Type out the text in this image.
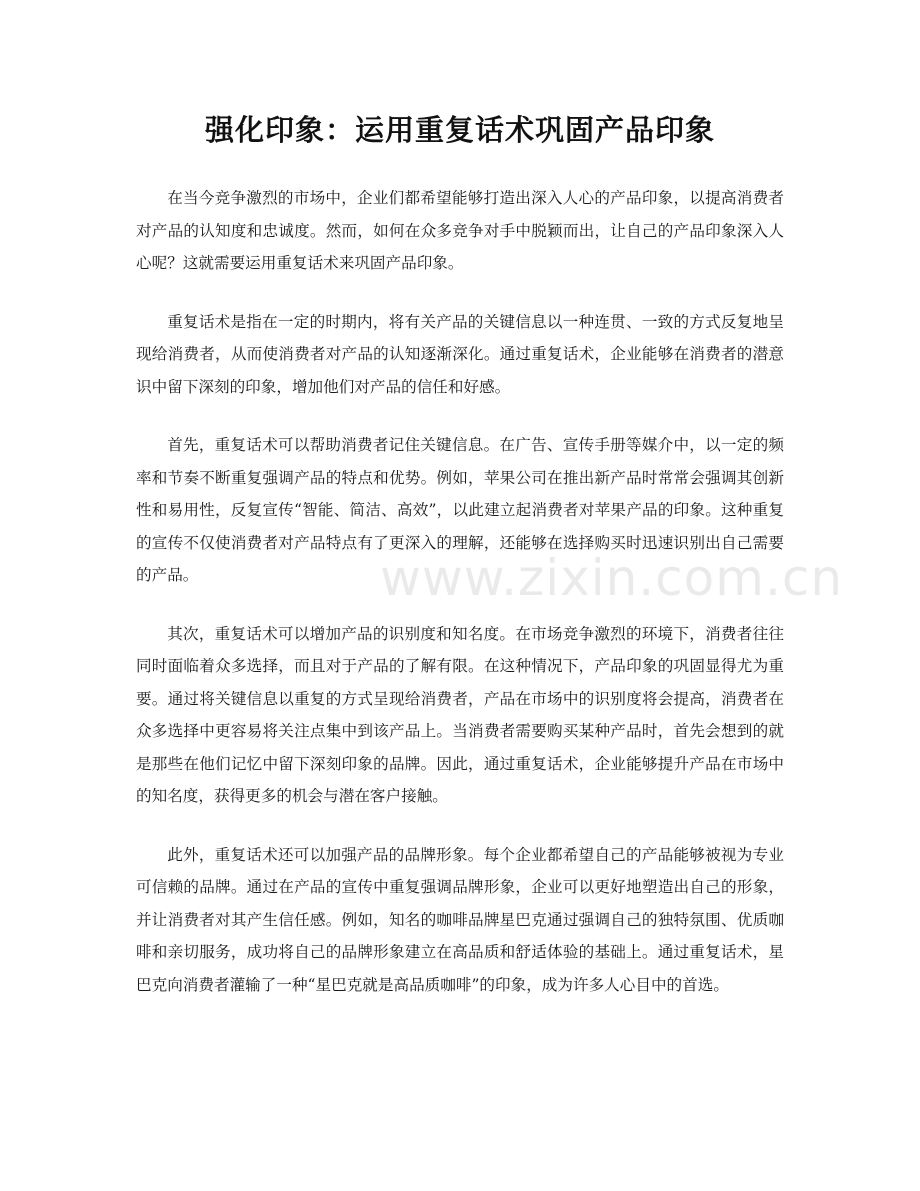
强化印象：运用重复话术巩固产品印象

在当今竞争激烈的市场中，企业们都希望能够打造出深入人心的产品印象，以提高消费者对产品的认知度和忠诚度。然而，如何在众多竞争对手中脱颖而出，让自己的产品印象深入人心呢？这就需要运用重复话术来巩固产品印象。

重复话术是指在一定的时期内，将有关产品的关键信息以一种连贯、一致的方式反复地呈现给消费者，从而使消费者对产品的认知逐渐深化。通过重复话术，企业能够在消费者的潜意识中留下深刻的印象，增加他们对产品的信任和好感。

首先，重复话术可以帮助消费者记住关键信息。在广告、宣传手册等媒介中，以一定的频率和节奏不断重复强调产品的特点和优势。例如，苹果公司在推出新产品时常常会强调其创新性和易用性，反复宣传“智能、简洁、高效”，以此建立起消费者对苹果产品的印象。这种重复的宣传不仅使消费者对产品特点有了更深入的理解，还能够在选择购买时迅速识别出自己需要的产品。

其次，重复话术可以增加产品的识别度和知名度。在市场竞争激烈的环境下，消费者往往同时面临着众多选择，而且对于产品的了解有限。在这种情况下，产品印象的巩固显得尤为重要。通过将关键信息以重复的方式呈现给消费者，产品在市场中的识别度将会提高，消费者在众多选择中更容易将关注点集中到该产品上。当消费者需要购买某种产品时，首先会想到的就是那些在他们记忆中留下深刻印象的品牌。因此，通过重复话术，企业能够提升产品在市场中的知名度，获得更多的机会与潜在客户接触。

此外，重复话术还可以加强产品的品牌形象。每个企业都希望自己的产品能够被视为专业可信赖的品牌。通过在产品的宣传中重复强调品牌形象，企业可以更好地塑造出自己的形象，并让消费者对其产生信任感。例如，知名的咖啡品牌星巴克通过强调自己的独特氛围、优质咖啡和亲切服务，成功将自己的品牌形象建立在高品质和舒适体验的基础上。通过重复话术，星巴克向消费者灌输了一种“星巴克就是高品质咖啡”的印象，成为许多人心目中的首选。

www.zixin.com.cn
